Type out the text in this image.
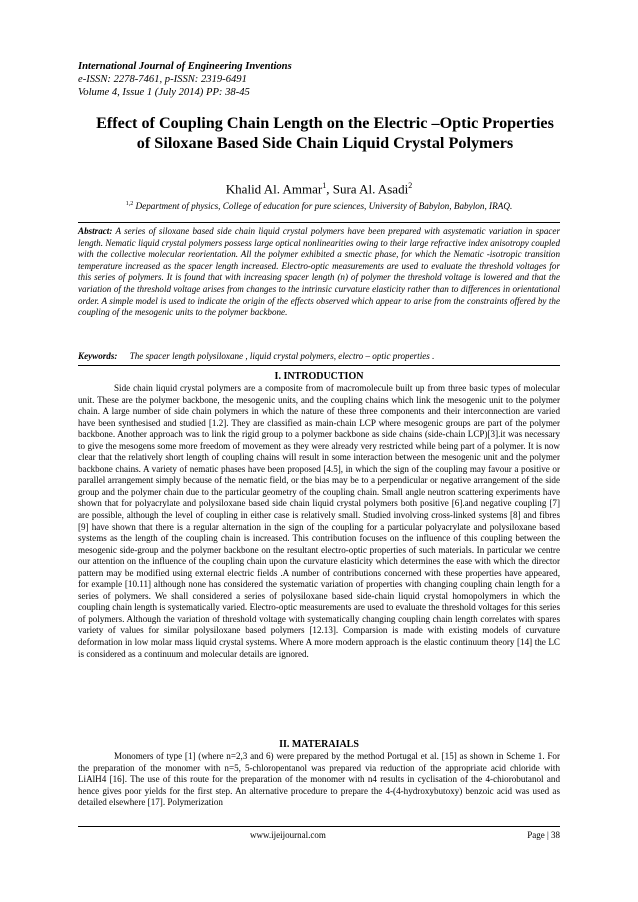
International Journal of Engineering Inventions
e-ISSN: 2278-7461, p-ISSN: 2319-6491
Volume 4, Issue 1 (July 2014) PP: 38-45
Effect of Coupling Chain Length on the Electric –Optic Properties of Siloxane Based Side Chain Liquid Crystal Polymers
Khalid Al. Ammar$^1$, Sura Al. Asadi$^2$
$^{1,2}$ Department of physics, College of education for pure sciences, University of Babylon, Babylon, IRAQ.
Abstract: A series of siloxane based side chain liquid crystal polymers have been prepared with asystematic variation in spacer length. Nematic liquid crystal polymers possess large optical nonlinearities owing to their large refractive index anisotropy coupled with the collective molecular reorientation. All the polymer exhibited a smectic phase, for which the Nematic -isotropic transition temperature increased as the spacer length increased. Electro-optic measurements are used to evaluate the threshold voltages for this series of polymers. It is found that with increasing spacer length (n) of polymer the threshold voltage is lowered and that the variation of the threshold voltage arises from changes to the intrinsic curvature elasticity rather than to differences in orientational order. A simple model is used to indicate the origin of the effects observed which appear to arise from the constraints offered by the coupling of the mesogenic units to the polymer backbone.
Keywords: The spacer length polysiloxane , liquid crystal polymers, electro – optic properties .
I. INTRODUCTION

Side chain liquid crystal polymers are a composite from of macromolecule built up from three basic types of molecular unit. These are the polymer backbone, the mesogenic units, and the coupling chains which link the mesogenic unit to the polymer chain. A large number of side chain polymers in which the nature of these three components and their interconnection are varied have been synthesised and studied [1.2]. They are classified as main-chain LCP where mesogenic groups are part of the polymer backbone. Another approach was to link the rigid group to a polymer backbone as side chains (side-chain LCP)[3].it was necessary to give the mesogens some more freedom of movement as they were already very restricted while being part of a polymer. It is now clear that the relatively short length of coupling chains will result in some interaction between the mesogenic unit and the polymer backbone chains. A variety of nematic phases have been proposed [4.5], in which the sign of the coupling may favour a positive or parallel arrangement simply because of the nematic field, or the bias may be to a perpendicular or negative arrangement of the side group and the polymer chain due to the particular geometry of the coupling chain. Small angle neutron scattering experiments have shown that for polyacrylate and polysiloxane based side chain liquid crystal polymers both positive [6].and negative coupling [7] are possible, although the level of coupling in either case is relatively small. Studied involving cross-linked systems [8] and fibres [9] have shown that there is a regular alternation in the sign of the coupling for a particular polyacrylate and polysiloxane based systems as the length of the coupling chain is increased. This contribution focuses on the influence of this coupling between the mesogenic side-group and the polymer backbone on the resultant electro-optic properties of such materials. In particular we centre our attention on the influence of the coupling chain upon the curvature elasticity which determines the ease with which the director pattern may be modified using external electric fields .A number of contributions concerned with these properties have appeared, for example [10.11] although none has considered the systematic variation of properties with changing coupling chain length for a series of polymers. We shall considered a series of polysiloxane based side-chain liquid crystal homopolymers in which the coupling chain length is systematically varied. Electro-optic measurements are used to evaluate the threshold voltages for this series of polymers. Although the variation of threshold voltage with systematically changing coupling chain length correlates with spares variety of values for similar polysiloxane based polymers [12.13]. Comparsion is made with existing models of curvature deformation in low molar mass liquid crystal systems. Where A more modern approach is the elastic continuum theory [14] the LC is considered as a continuum and molecular details are ignored.

II. MATERAIALS

Monomers of type [1] (where n=2,3 and 6) were prepared by the method Portugal et al. [15] as shown in Scheme 1. For the preparation of the monomer with n=5, 5-chloropentanol was prepared via reduction of the appropriate acid chloride with LiAlH4 [16]. The use of this route for the preparation of the monomer with n4 results in cyclisation of the 4-chiorobutanol and hence gives poor yields for the first step. An alternative procedure to prepare the 4-(4-hydroxybutoxy) benzoic acid was used as detailed elsewhere [17]. Polymerization

www.ijeijournal.com	Page | 38
